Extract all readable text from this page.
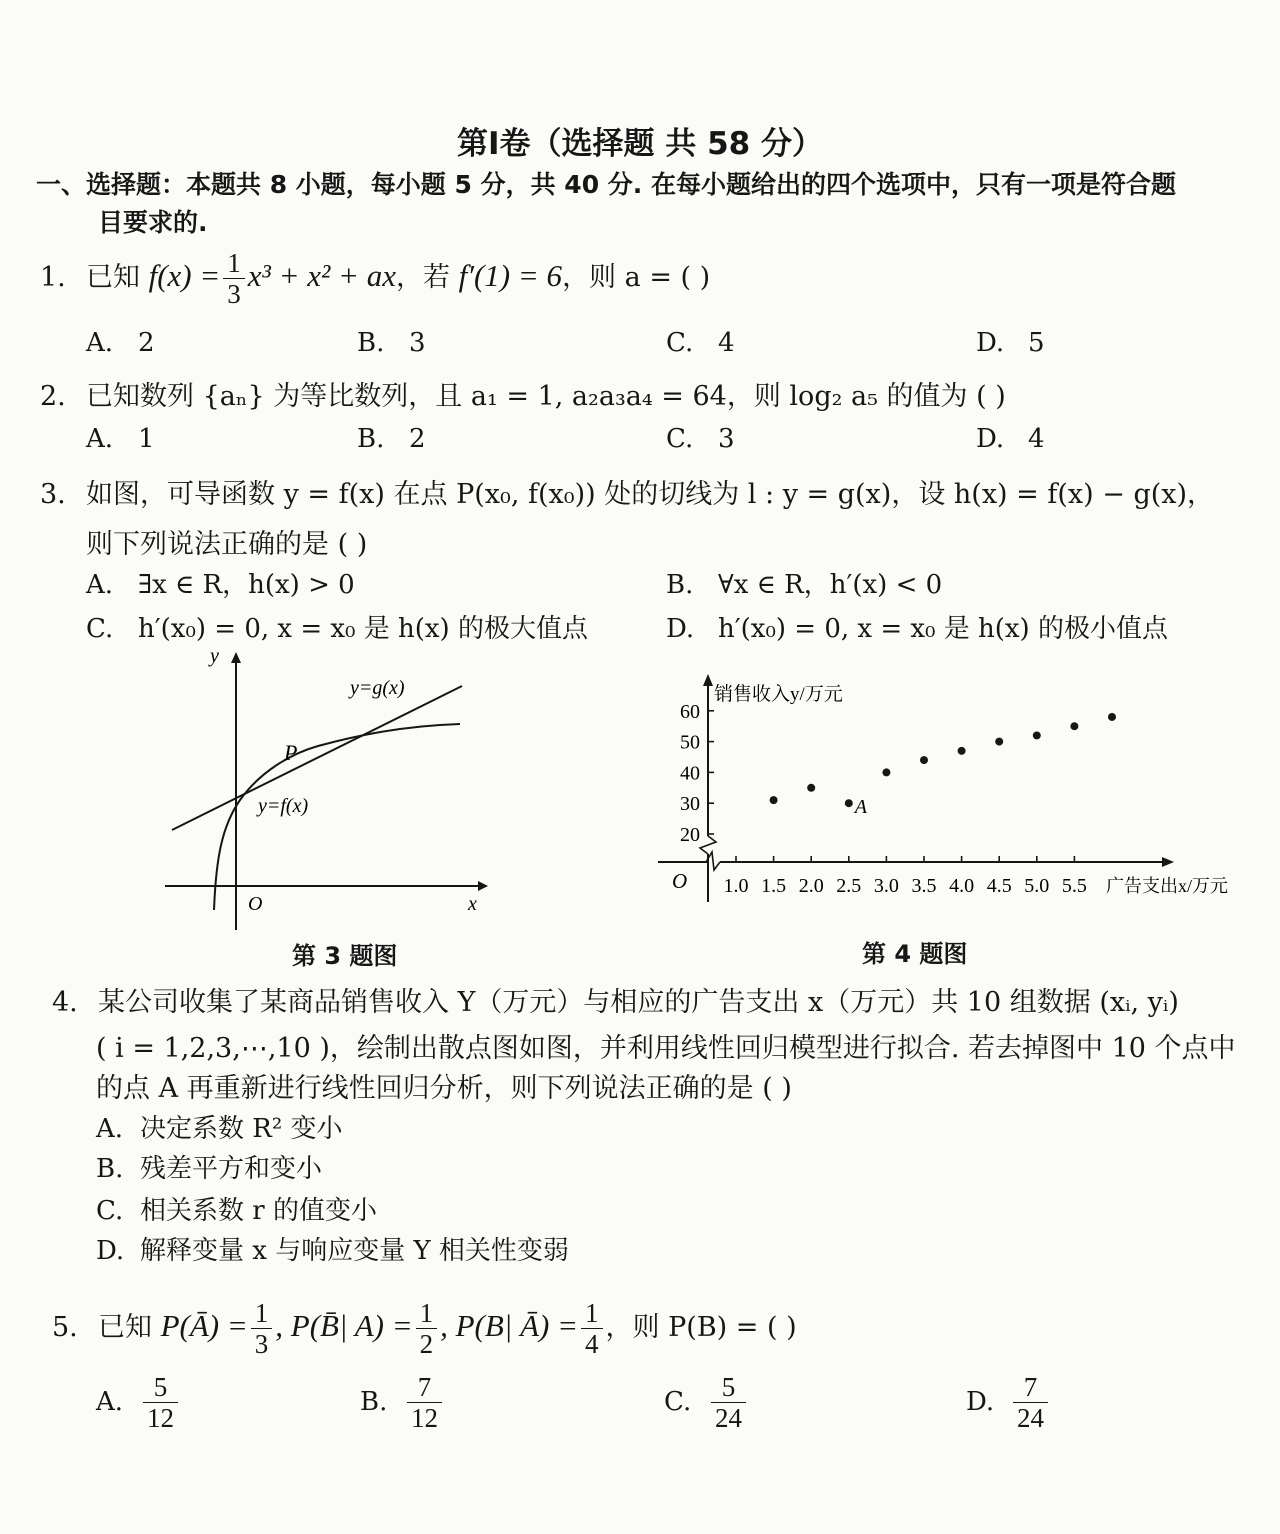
第Ⅰ卷（选择题 共 58 分）
一、选择题：本题共 8 小题，每小题 5 分，共 40 分. 在每小题给出的四个选项中，只有一项是符合题
目要求的.
1. 已知 $f(x) = \frac{1}{3} x^3 + x^2$ + ax，若 f′(1) = 6，则 a = ( )
A. 2	B. 3	C. 4	D. 5
2. 已知数列 {aₙ} 为等比数列，且 a₁ = 1, a₂a₃a₄ = 64，则 log₂ a₅ 的值为 ( )
A. 1	B. 2	C. 3	D. 4
3. 如图，可导函数 y = f(x) 在点 P(x₀, f(x₀)) 处的切线为 l : y = g(x)，设 h(x) = f(x) − g(x)，
则下列说法正确的是 ( )
A. ∃x ∈ R，h(x) > 0	B. ∀x ∈ R，h′(x) < 0
C. h′(x₀) = 0, x = x₀ 是 h(x) 的极大值点	D. h′(x₀) = 0, x = x₀ 是 h(x) 的极小值点
y
x
O
P
y=g(x)
y=f(x)
第 3 题图
销售收入y/万元
广告支出x/万元
O 1.0 1.5 2.0 2.5 3.0 3.5 4.0 4.5 5.0 5.5
20
30
40
50
60
A
第 4 题图
4. 某公司收集了某商品销售收入 Y（万元）与相应的广告支出 x（万元）共 10 组数据 (xᵢ, yᵢ)
( i = 1,2,3,⋯,10 )，绘制出散点图如图，并利用线性回归模型进行拟合. 若去掉图中 10 个点中
的点 A 再重新进行线性回归分析，则下列说法正确的是 ( )
A. 决定系数 R² 变小
B. 残差平方和变小
C. 相关系数 r 的值变小
D. 解释变量 x 与响应变量 Y 相关性变弱
5. 已知 P(Ā) = $\frac{1}{3}$ , P(B̄| $A) = \frac{1}{2}$ , P(B| Ā) = $\frac{1}{4}$ ，则 P(B) = ( )
A. $\frac{5}{12}$	B. $\frac{7}{12}$	C. $\frac{5}{24}$	D. $\frac{7}{24}$
